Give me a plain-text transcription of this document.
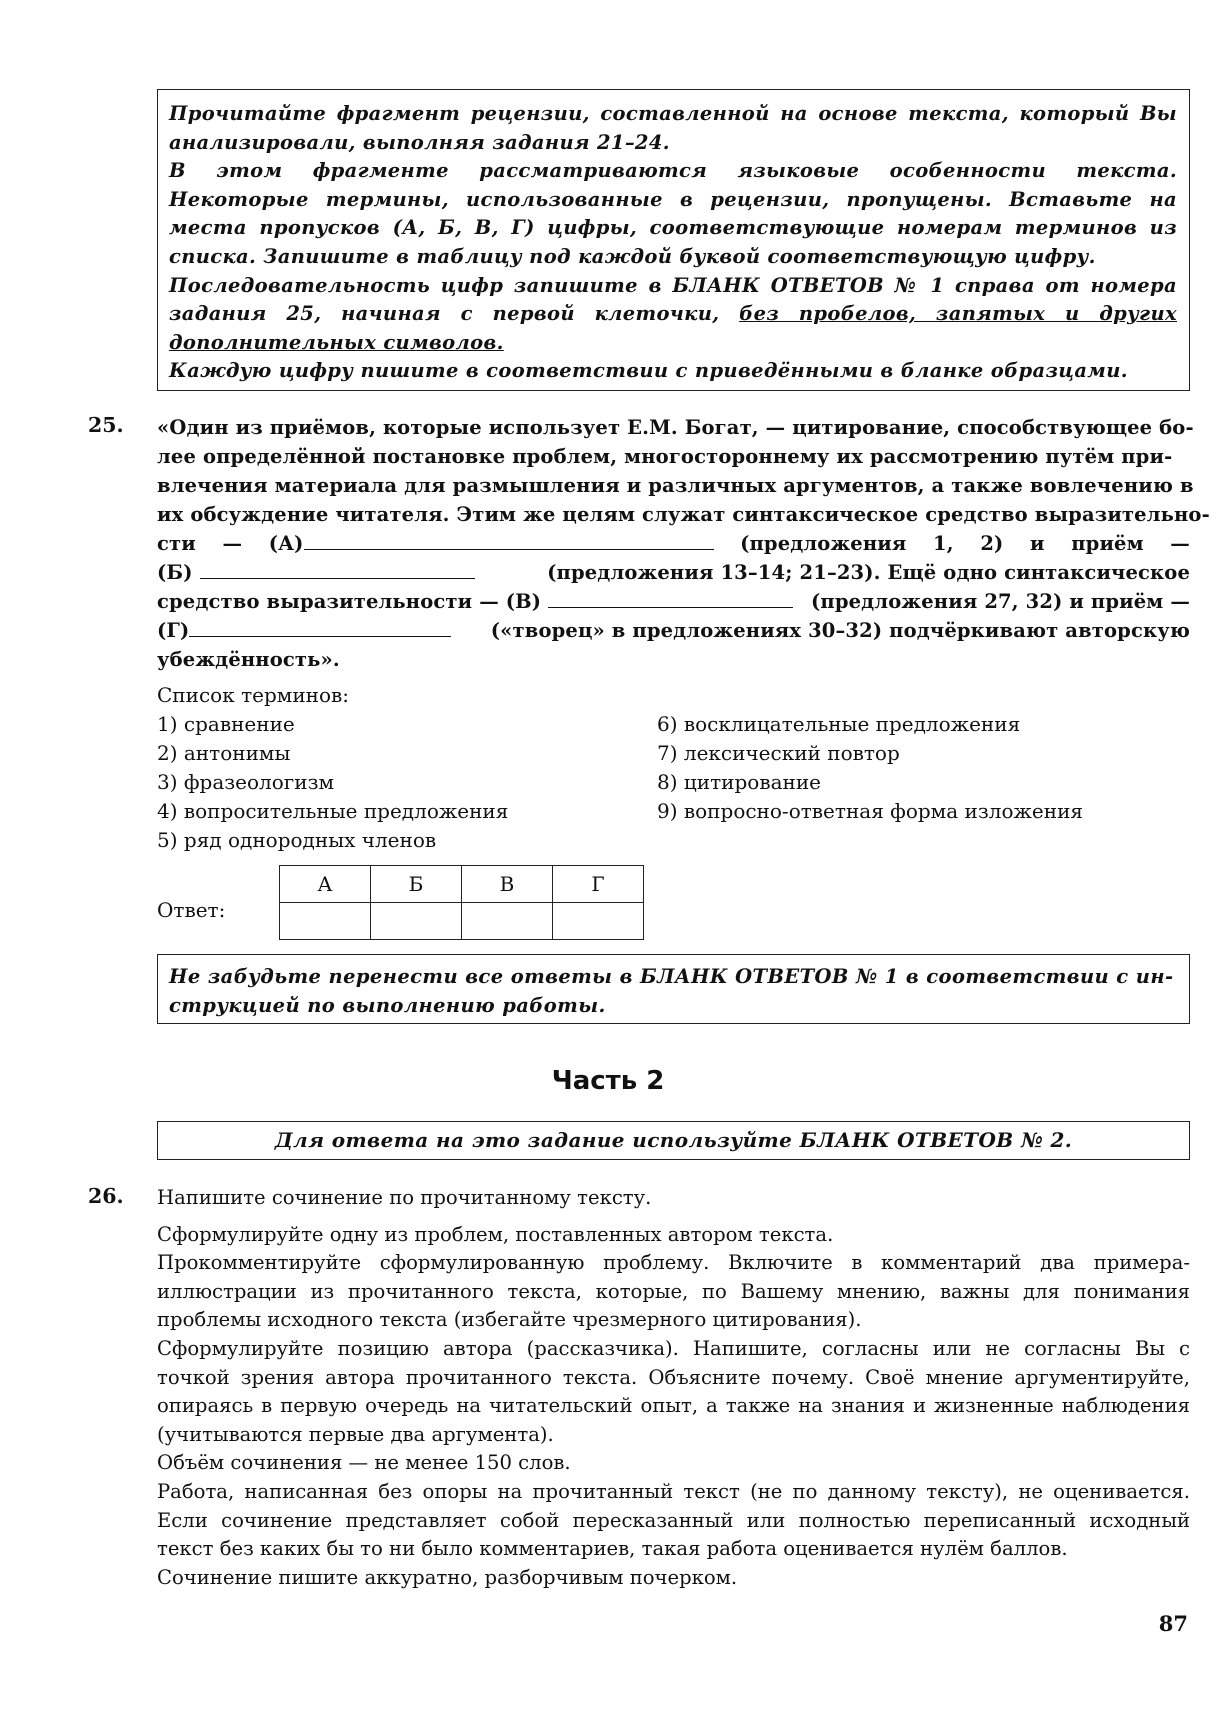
Прочитайте фрагмент рецензии, составленной на основе текста, который Вы анализировали, выполняя задания 21–24.

В этом фрагменте рассматриваются языковые особенности текста. Некоторые термины, использованные в рецензии, пропущены. Вставьте на места пропусков (А, Б, В, Г) цифры, соответствующие номерам терминов из списка. Запишите в таблицу под каждой буквой соответствующую цифру.

Последовательность цифр запишите в БЛАНК ОТВЕТОВ № 1 справа от номера задания 25, начиная с первой клеточки, без пробелов, запятых и других дополнительных символов.

Каждую цифру пишите в соответствии с приведёнными в бланке образцами.

25. «Один из приёмов, которые использует Е.М. Богат, — цитирование, способствующее бо-
лее определённой постановке проблем, многостороннему их рассмотрению путём при-
влечения материала для размышления и различных аргументов, а также вовлечению в
их обсуждение читателя. Этим же целям служат синтаксическое средство выразительно-
сти — (А)	(предложения 1, 2) и приём —
(Б)	(предложения 13–14; 21–23). Ещё одно синтаксическое
средство выразительности — (В)	(предложения 27, 32) и приём —
(Г)	(«творец» в предложениях 30–32) подчёркивают авторскую
убеждённость».
Список терминов:
1) сравнение
2) антонимы
3) фразеологизм
4) вопросительные предложения
5) ряд однородных членов
6) восклицательные предложения
7) лексический повтор
8) цитирование
9) вопросно-ответная форма изложения
Ответ:
А	Б	В	Г

Не забудьте перенести все ответы в БЛАНК ОТВЕТОВ № 1 в соответствии с ин-

струкцией по выполнению работы.

Часть 2
Для ответа на это задание используйте БЛАНК ОТВЕТОВ № 2.
26. Напишите сочинение по прочитанному тексту.

Сформулируйте одну из проблем, поставленных автором текста.

Прокомментируйте сформулированную проблему. Включите в комментарий два примера-иллюстрации из прочитанного текста, которые, по Вашему мнению, важны для понимания проблемы исходного текста (избегайте чрезмерного цитирования).

Сформулируйте позицию автора (рассказчика). Напишите, согласны или не согласны Вы с точкой зрения автора прочитанного текста. Объясните почему. Своё мнение аргументируйте, опираясь в первую очередь на читательский опыт, а также на знания и жизненные наблюдения (учитываются первые два аргумента).

Объём сочинения — не менее 150 слов.

Работа, написанная без опоры на прочитанный текст (не по данному тексту), не оценивается. Если сочинение представляет собой пересказанный или полностью переписанный исходный текст без каких бы то ни было комментариев, такая работа оценивается нулём баллов.

Сочинение пишите аккуратно, разборчивым почерком.

87
